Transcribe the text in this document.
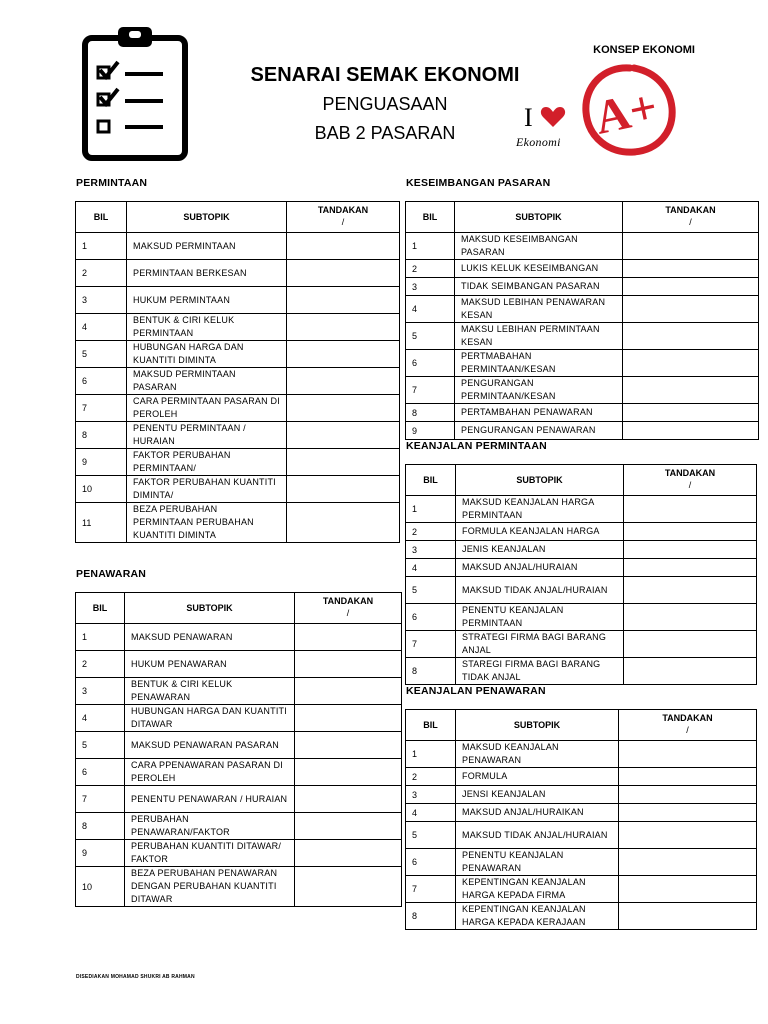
SENARAI SEMAK EKONOMI
PENGUASAAN
BAB 2 PASARAN
KONSEP EKONOMI
I
Ekonomi A+
PERMINTAAN
BIL	SUBTOPIK	TANDAKAN
/

1	MAKSUD PERMINTAAN	
2	PERMINTAAN BERKESAN	
3	HUKUM PERMINTAAN	
4	BENTUK & CIRI KELUK PERMINTAAN	
5	HUBUNGAN HARGA DAN KUANTITI DIMINTA	
6	MAKSUD PERMINTAAN PASARAN	
7	CARA PERMINTAAN PASARAN DI PEROLEH	
8	PENENTU PERMINTAAN / HURAIAN	
9	FAKTOR PERUBAHAN PERMINTAAN/	
10	FAKTOR PERUBAHAN KUANTITI DIMINTA/	
11	BEZA PERUBAHAN PERMINTAAN PERUBAHAN KUANTITI DIMINTA	
PENAWARAN
BIL	SUBTOPIK	TANDAKAN
/

1	MAKSUD PENAWARAN	
2	HUKUM PENAWARAN	
3	BENTUK & CIRI KELUK PENAWARAN	
4	HUBUNGAN HARGA DAN KUANTITI DITAWAR	
5	MAKSUD PENAWARAN PASARAN	
6	CARA PPENAWARAN PASARAN DI PEROLEH	
7	PENENTU PENAWARAN / HURAIAN	
8	PERUBAHAN PENAWARAN/FAKTOR	
9	PERUBAHAN KUANTITI DITAWAR/ FAKTOR	
10	BEZA PERUBAHAN PENAWARAN DENGAN PERUBAHAN KUANTITI DITAWAR	
KESEIMBANGAN PASARAN
BIL	SUBTOPIK	TANDAKAN
/

1	MAKSUD KESEIMBANGAN PASARAN	
2	LUKIS KELUK KESEIMBANGAN	
3	TIDAK SEIMBANGAN PASARAN	
4	MAKSUD LEBIHAN PENAWARAN KESAN	
5	MAKSU LEBIHAN PERMINTAAN KESAN	
6	PERTMABAHAN PERMINTAAN/KESAN	
7	PENGURANGAN PERMINTAAN/KESAN	
8	PERTAMBAHAN PENAWARAN	
9	PENGURANGAN PENAWARAN	
KEANJALAN PERMINTAAN
BIL	SUBTOPIK	TANDAKAN
/

1	MAKSUD KEANJALAN HARGA PERMINTAAN	
2	FORMULA KEANJALAN HARGA	
3	JENIS KEANJALAN	
4	MAKSUD ANJAL/HURAIAN	
5	MAKSUD TIDAK ANJAL/HURAIAN	
6	PENENTU KEANJALAN PERMINTAAN	
7	STRATEGI FIRMA BAGI BARANG ANJAL	
8	STAREGI FIRMA BAGI BARANG TIDAK ANJAL	
KEANJALAN PENAWARAN
BIL	SUBTOPIK	TANDAKAN
/

1	MAKSUD KEANJALAN PENAWARAN	
2	FORMULA	
3	JENSI KEANJALAN	
4	MAKSUD ANJAL/HURAIKAN	
5	MAKSUD TIDAK ANJAL/HURAIAN	
6	PENENTU KEANJALAN PENAWARAN	
7	KEPENTINGAN KEANJALAN HARGA KEPADA FIRMA	
8	KEPENTINGAN KEANJALAN HARGA KEPADA KERAJAAN	
DISEDIAKAN MOHAMAD SHUKRI AB RAHMAN
